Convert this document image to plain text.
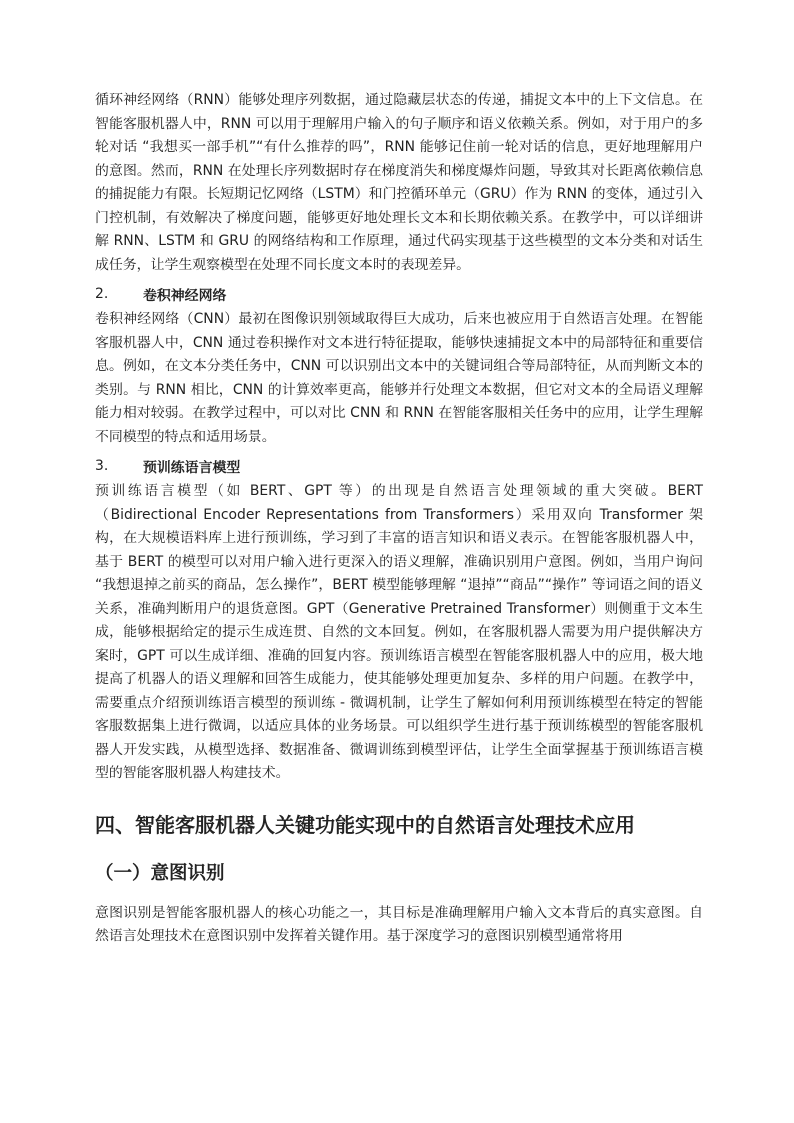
循环神经网络（RNN）能够处理序列数据，通过隐藏层状态的传递，捕捉文本中的上下文信息。在智能客服机器人中，RNN 可以用于理解用户输入的句子顺序和语义依赖关系。例如，对于用户的多轮对话 “我想买一部手机”“有什么推荐的吗”，RNN 能够记住前一轮对话的信息，更好地理解用户的意图。然而，RNN 在处理长序列数据时存在梯度消失和梯度爆炸问题，导致其对长距离依赖信息的捕捉能力有限。长短期记忆网络（LSTM）和门控循环单元（GRU）作为 RNN 的变体，通过引入门控机制，有效解决了梯度问题，能够更好地处理长文本和长期依赖关系。在教学中，可以详细讲解 RNN、LSTM 和 GRU 的网络结构和工作原理，通过代码实现基于这些模型的文本分类和对话生成任务，让学生观察模型在处理不同长度文本时的表现差异。

2.	卷积神经网络

卷积神经网络（CNN）最初在图像识别领域取得巨大成功，后来也被应用于自然语言处理。在智能客服机器人中，CNN 通过卷积操作对文本进行特征提取，能够快速捕捉文本中的局部特征和重要信息。例如，在文本分类任务中，CNN 可以识别出文本中的关键词组合等局部特征，从而判断文本的类别。与 RNN 相比，CNN 的计算效率更高，能够并行处理文本数据，但它对文本的全局语义理解能力相对较弱。在教学过程中，可以对比 CNN 和 RNN 在智能客服相关任务中的应用，让学生理解不同模型的特点和适用场景。

3.	预训练语言模型

预训练语言模型（如 BERT、GPT 等）的出现是自然语言处理领域的重大突破。BERT（Bidirectional Encoder Representations from Transformers）采用双向 Transformer 架构，在大规模语料库上进行预训练，学习到了丰富的语言知识和语义表示。在智能客服机器人中，基于 BERT 的模型可以对用户输入进行更深入的语义理解，准确识别用户意图。例如，当用户询问 “我想退掉之前买的商品，怎么操作”，BERT 模型能够理解 “退掉”“商品”“操作” 等词语之间的语义关系，准确判断用户的退货意图。GPT（Generative Pretrained Transformer）则侧重于文本生成，能够根据给定的提示生成连贯、自然的文本回复。例如，在客服机器人需要为用户提供解决方案时，GPT 可以生成详细、准确的回复内容。预训练语言模型在智能客服机器人中的应用，极大地提高了机器人的语义理解和回答生成能力，使其能够处理更加复杂、多样的用户问题。在教学中，需要重点介绍预训练语言模型的预训练 - 微调机制，让学生了解如何利用预训练模型在特定的智能客服数据集上进行微调，以适应具体的业务场景。可以组织学生进行基于预训练模型的智能客服机器人开发实践，从模型选择、数据准备、微调训练到模型评估，让学生全面掌握基于预训练语言模型的智能客服机器人构建技术。

四、智能客服机器人关键功能实现中的自然语言处理技术应用
（一）意图识别

意图识别是智能客服机器人的核心功能之一，其目标是准确理解用户输入文本背后的真实意图。自然语言处理技术在意图识别中发挥着关键作用。基于深度学习的意图识别模型通常将用
